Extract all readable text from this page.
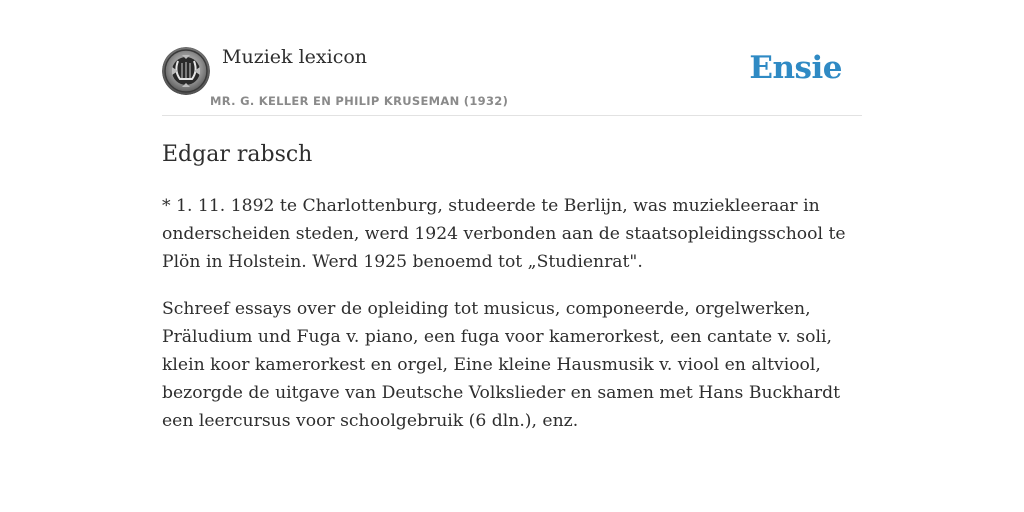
Muziek lexicon
MR. G. KELLER EN PHILIP KRUSEMAN (1932)
Ensie
Edgar rabsch

* 1. 11. 1892 te Charlottenburg, studeerde te Berlijn, was muziekleeraar in onderscheiden steden, werd 1924 verbonden aan de staatsopleidingsschool te Plön in Holstein. Werd 1925 benoemd tot „Studienrat".

Schreef essays over de opleiding tot musicus, componeerde, orgelwerken, Präludium und Fuga v. piano, een fuga voor kamerorkest, een cantate v. soli, klein koor kamerorkest en orgel, Eine kleine Hausmusik v. viool en altviool, bezorgde de uitgave van Deutsche Volkslieder en samen met Hans Buckhardt een leercursus voor schoolgebruik (6 dln.), enz.
